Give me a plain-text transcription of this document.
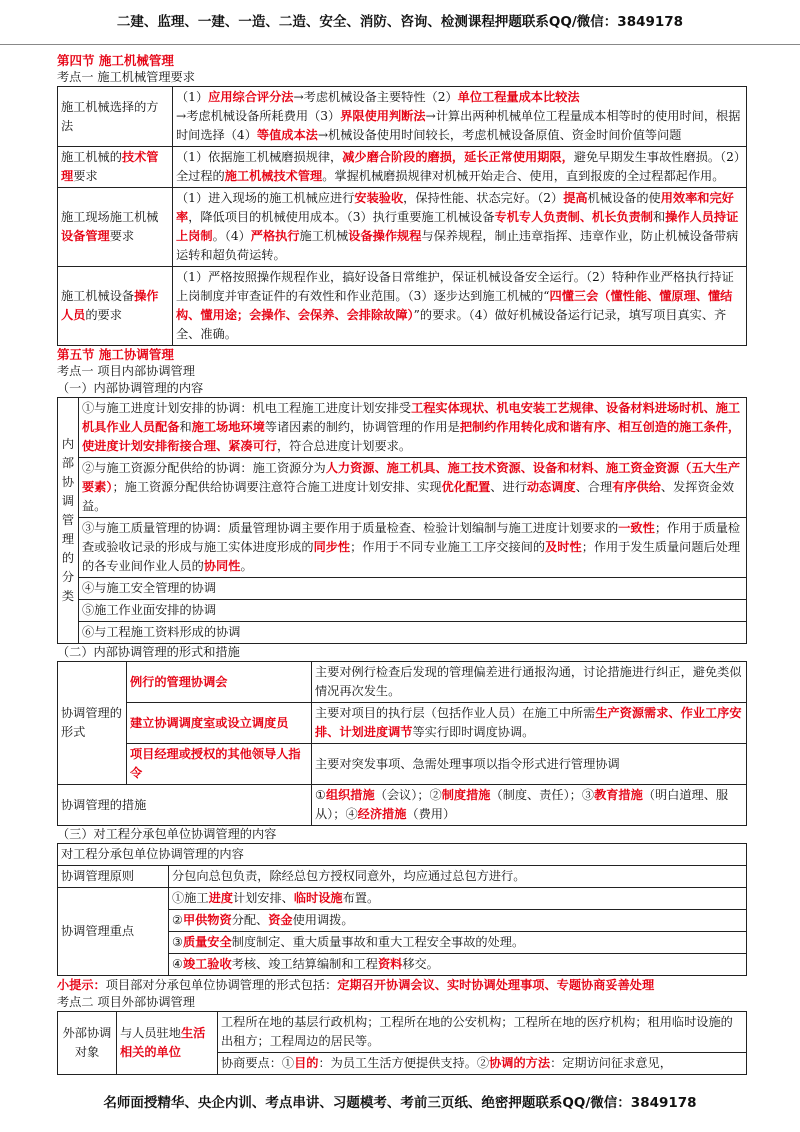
二建、监理、一建、一造、二造、安全、消防、咨询、检测课程押题联系QQ/微信：3849178
第四节 施工机械管理
考点一 施工机械管理要求
施工机械选择的方法	（1）应用综合评分法→考虑机械设备主要特性（2）单位工程量成本比较法→考虑机械设备所耗费用（3）界限使用判断法→计算出两种机械单位工程量成本相等时的使用时间，根据时间选择（4）等值成本法→机械设备使用时间较长，考虑机械设备原值、资金时间价值等问题
施工机械的技术管理要求	（1）依据施工机械磨损规律，减少磨合阶段的磨损，延长正常使用期限，避免早期发生事故性磨损。（2）全过程的施工机械技术管理。掌握机械磨损规律对机械开始走合、使用，直到报废的全过程都起作用。
施工现场施工机械设备管理要求	（1）进入现场的施工机械应进行安装验收，保持性能、状态完好。（2）提高机械设备的使用效率和完好率，降低项目的机械使用成本。（3）执行重要施工机械设备专机专人负责制、机长负责制和操作人员持证上岗制。（4）严格执行施工机械设备操作规程与保养规程，制止违章指挥、违章作业，防止机械设备带病运转和超负荷运转。
施工机械设备操作人员的要求	（1）严格按照操作规程作业，搞好设备日常维护，保证机械设备安全运行。（2）特种作业严格执行持证上岗制度并审查证件的有效性和作业范围。（3）逐步达到施工机械的“四懂三会（懂性能、懂原理、懂结构、懂用途；会操作、会保养、会排除故障）”的要求。（4）做好机械设备运行记录，填写项目真实、齐全、准确。
第五节 施工协调管理
考点一 项目内部协调管理
（一）内部协调管理的内容
内
部
协
调
管
理
的
分
类	①与施工进度计划安排的协调：机电工程施工进度计划安排受工程实体现状、机电安装工艺规律、设备材料进场时机、施工机具作业人员配备和施工场地环境等诸因素的制约，协调管理的作用是把制约作用转化成和谐有序、相互创造的施工条件，使进度计划安排衔接合理、紧凑可行，符合总进度计划要求。
②与施工资源分配供给的协调：施工资源分为人力资源、施工机具、施工技术资源、设备和材料、施工资金资源（五大生产要素）；施工资源分配供给协调要注意符合施工进度计划安排、实现优化配置、进行动态调度、合理有序供给、发挥资金效益。
③与施工质量管理的协调：质量管理协调主要作用于质量检查、检验计划编制与施工进度计划要求的一致性；作用于质量检查或验收记录的形成与施工实体进度形成的同步性；作用于不同专业施工工序交接间的及时性；作用于发生质量问题后处理的各专业间作业人员的协同性。
④与施工安全管理的协调
⑤施工作业面安排的协调
⑥与工程施工资料形成的协调
（二）内部协调管理的形式和措施
协调管理的形式	例行的管理协调会	主要对例行检查后发现的管理偏差进行通报沟通，讨论措施进行纠正，避免类似情况再次发生。
	建立协调调度室或设立调度员	主要对项目的执行层（包括作业人员）在施工中所需生产资源需求、作业工序安排、计划进度调节等实行即时调度协调。
	项目经理或授权的其他领导人指令	主要对突发事项、急需处理事项以指令形式进行管理协调
协调管理的措施		①组织措施（会议）；②制度措施（制度、责任）；③教育措施（明白道理、服从）；④经济措施（费用）
（三）对工程分承包单位协调管理的内容
对工程分承包单位协调管理的内容	
协调管理原则	分包向总包负责，除经总包方授权同意外，均应通过总包方进行。
协调管理重点	①施工进度计划安排、临时设施布置。
	②甲供物资分配、资金使用调拨。
	③质量安全制度制定、重大质量事故和重大工程安全事故的处理。
	④竣工验收考核、竣工结算编制和工程资料移交。
小提示：项目部对分承包单位协调管理的形式包括：定期召开协调会议、实时协调处理事项、专题协商妥善处理
考点二 项目外部协调管理
外部协调对象	与人员驻地生活相关的单位	工程所在地的基层行政机构；工程所在地的公安机构；工程所在地的医疗机构；租用临时设施的出租方；工程周边的居民等。
协商要点：①目的：为员工生活方便提供支持。②协调的方法：定期访问征求意见，
名师面授精华、央企内训、考点串讲、习题模考、考前三页纸、绝密押题联系QQ/微信：3849178
